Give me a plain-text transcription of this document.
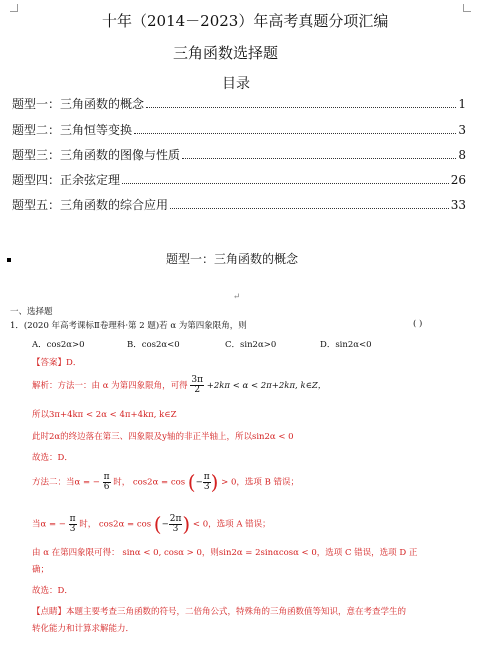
十年（2014－2023）年高考真题分项汇编
三角函数选择题
目录
题型一：三角函数的概念	1
题型二：三角恒等变换	3
题型三：三角函数的图像与性质	8
题型四：正余弦定理	26
题型五：三角函数的综合应用	33
题型一：三角函数的概念
↵
一、选择题
1．(2020 年高考课标Ⅱ卷理科·第 2 题)若 α 为第四象限角，则	( )
A．cos2α>0	B．cos2α<0	C．sin2α>0	D．sin2α<0
【答案】D．
解析：方法一：由 α 为第四象限角，可得 $\frac{3\pi}{2} +2k\pi < \alpha < 2\pi+2k\pi$, k∈Z，
所以3π+4kπ < 2α < 4π+4kπ, k∈Z
此时2α的终边落在第三、四象限及y轴的非正半轴上，所以sin2α < 0
故选：D．
方法二：当α = − $\frac{\pi}{6}$ 时， cos2α = cos (− $\frac{\pi}{3}$ ) > 0，选项 B 错误；
当α = − $\frac{\pi}{3}$ 时， cos2α = cos (− $\frac{2\pi}{3}$ ) < 0，选项 A 错误；
由 α 在第四象限可得： sinα < 0, cosα > 0，则sin2α = 2sinαcosα < 0，选项 C 错误，选项 D 正
确；
故选：D．
【点睛】本题主要考查三角函数的符号，二倍角公式，特殊角的三角函数值等知识，意在考查学生的
转化能力和计算求解能力．
